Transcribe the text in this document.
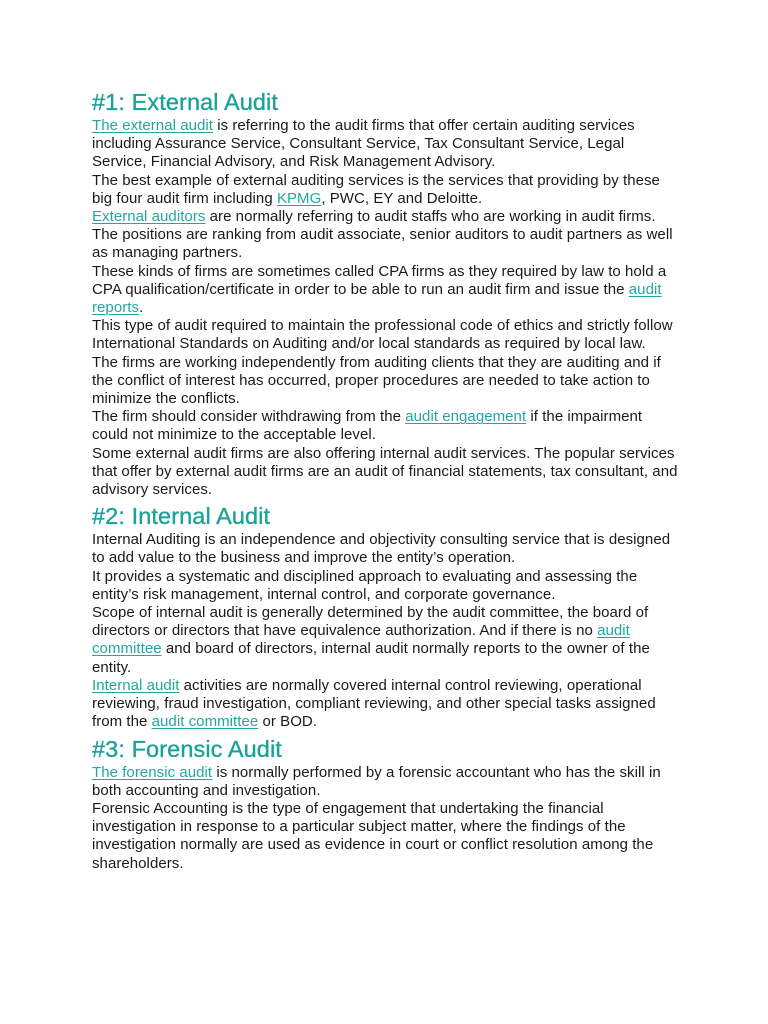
#1: External Audit

The external audit is referring to the audit firms that offer certain auditing services including Assurance Service, Consultant Service, Tax Consultant Service, Legal Service, Financial Advisory, and Risk Management Advisory.

The best example of external auditing services is the services that providing by these big four audit firm including KPMG, PWC, EY and Deloitte.

External auditors are normally referring to audit staffs who are working in audit firms. The positions are ranking from audit associate, senior auditors to audit partners as well as managing partners.

These kinds of firms are sometimes called CPA firms as they required by law to hold a CPA qualification/certificate in order to be able to run an audit firm and issue the audit reports.

This type of audit required to maintain the professional code of ethics and strictly follow International Standards on Auditing and/or local standards as required by local law.

The firms are working independently from auditing clients that they are auditing and if the conflict of interest has occurred, proper procedures are needed to take action to minimize the conflicts.

The firm should consider withdrawing from the audit engagement if the impairment could not minimize to the acceptable level.

Some external audit firms are also offering internal audit services. The popular services that offer by external audit firms are an audit of financial statements, tax consultant, and advisory services.

#2: Internal Audit

Internal Auditing is an independence and objectivity consulting service that is designed to add value to the business and improve the entity’s operation.

It provides a systematic and disciplined approach to evaluating and assessing the entity’s risk management, internal control, and corporate governance.

Scope of internal audit is generally determined by the audit committee, the board of directors or directors that have equivalence authorization. And if there is no audit committee and board of directors, internal audit normally reports to the owner of the entity.

Internal audit activities are normally covered internal control reviewing, operational reviewing, fraud investigation, compliant reviewing, and other special tasks assigned from the audit committee or BOD.

#3: Forensic Audit

The forensic audit is normally performed by a forensic accountant who has the skill in both accounting and investigation.

Forensic Accounting is the type of engagement that undertaking the financial investigation in response to a particular subject matter, where the findings of the investigation normally are used as evidence in court or conflict resolution among the shareholders.
